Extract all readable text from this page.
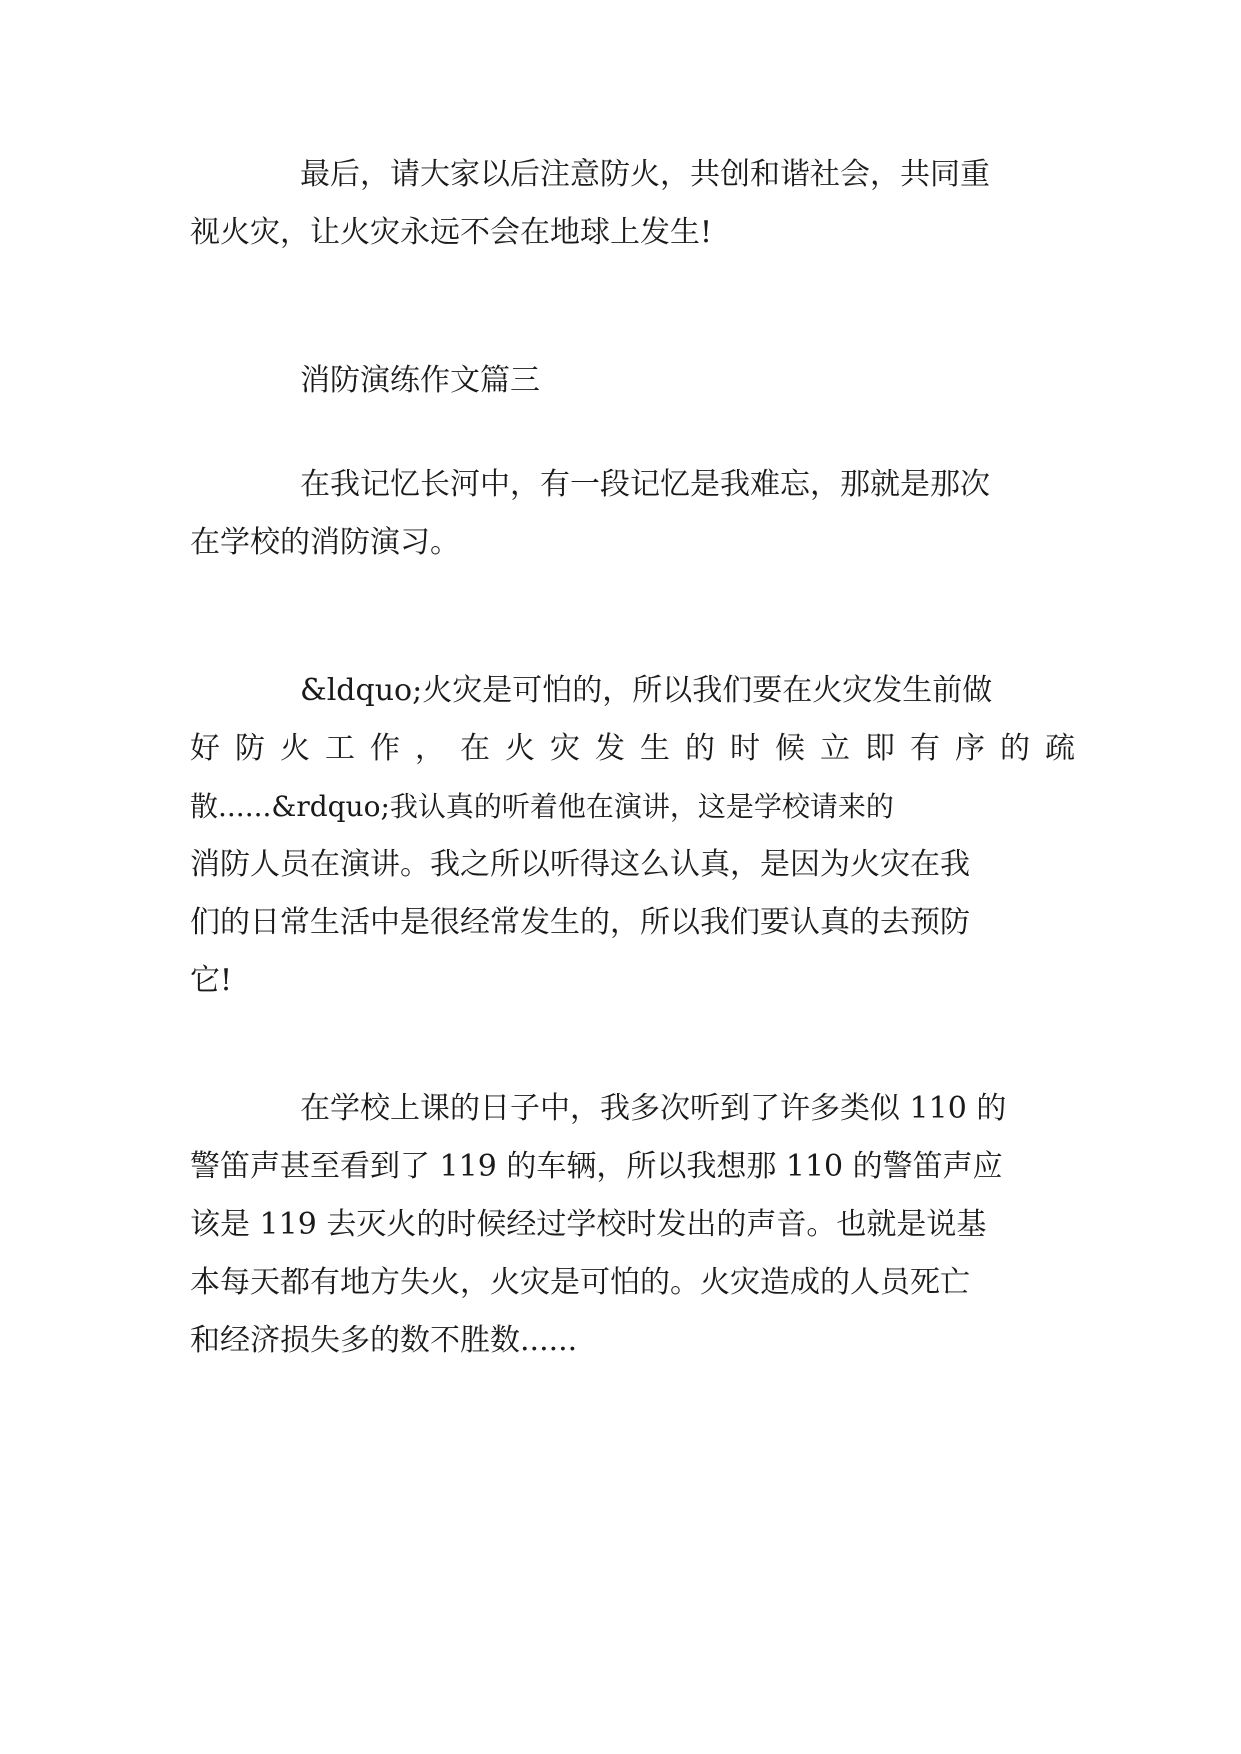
最后，请大家以后注意防火，共创和谐社会，共同重
视火灾，让火灾永远不会在地球上发生!
消防演练作文篇三
在我记忆长河中，有一段记忆是我难忘，那就是那次
在学校的消防演习。
&ldquo;火灾是可怕的，所以我们要在火灾发生前做
好防火工作，在火灾发生的时候立即有序的疏
散......&rdquo;我认真的听着他在演讲，这是学校请来的
消防人员在演讲。我之所以听得这么认真，是因为火灾在我
们的日常生活中是很经常发生的，所以我们要认真的去预防
它!
在学校上课的日子中，我多次听到了许多类似 110 的
警笛声甚至看到了 119 的车辆，所以我想那 110 的警笛声应
该是 119 去灭火的时候经过学校时发出的声音。也就是说基
本每天都有地方失火，火灾是可怕的。火灾造成的人员死亡
和经济损失多的数不胜数......
